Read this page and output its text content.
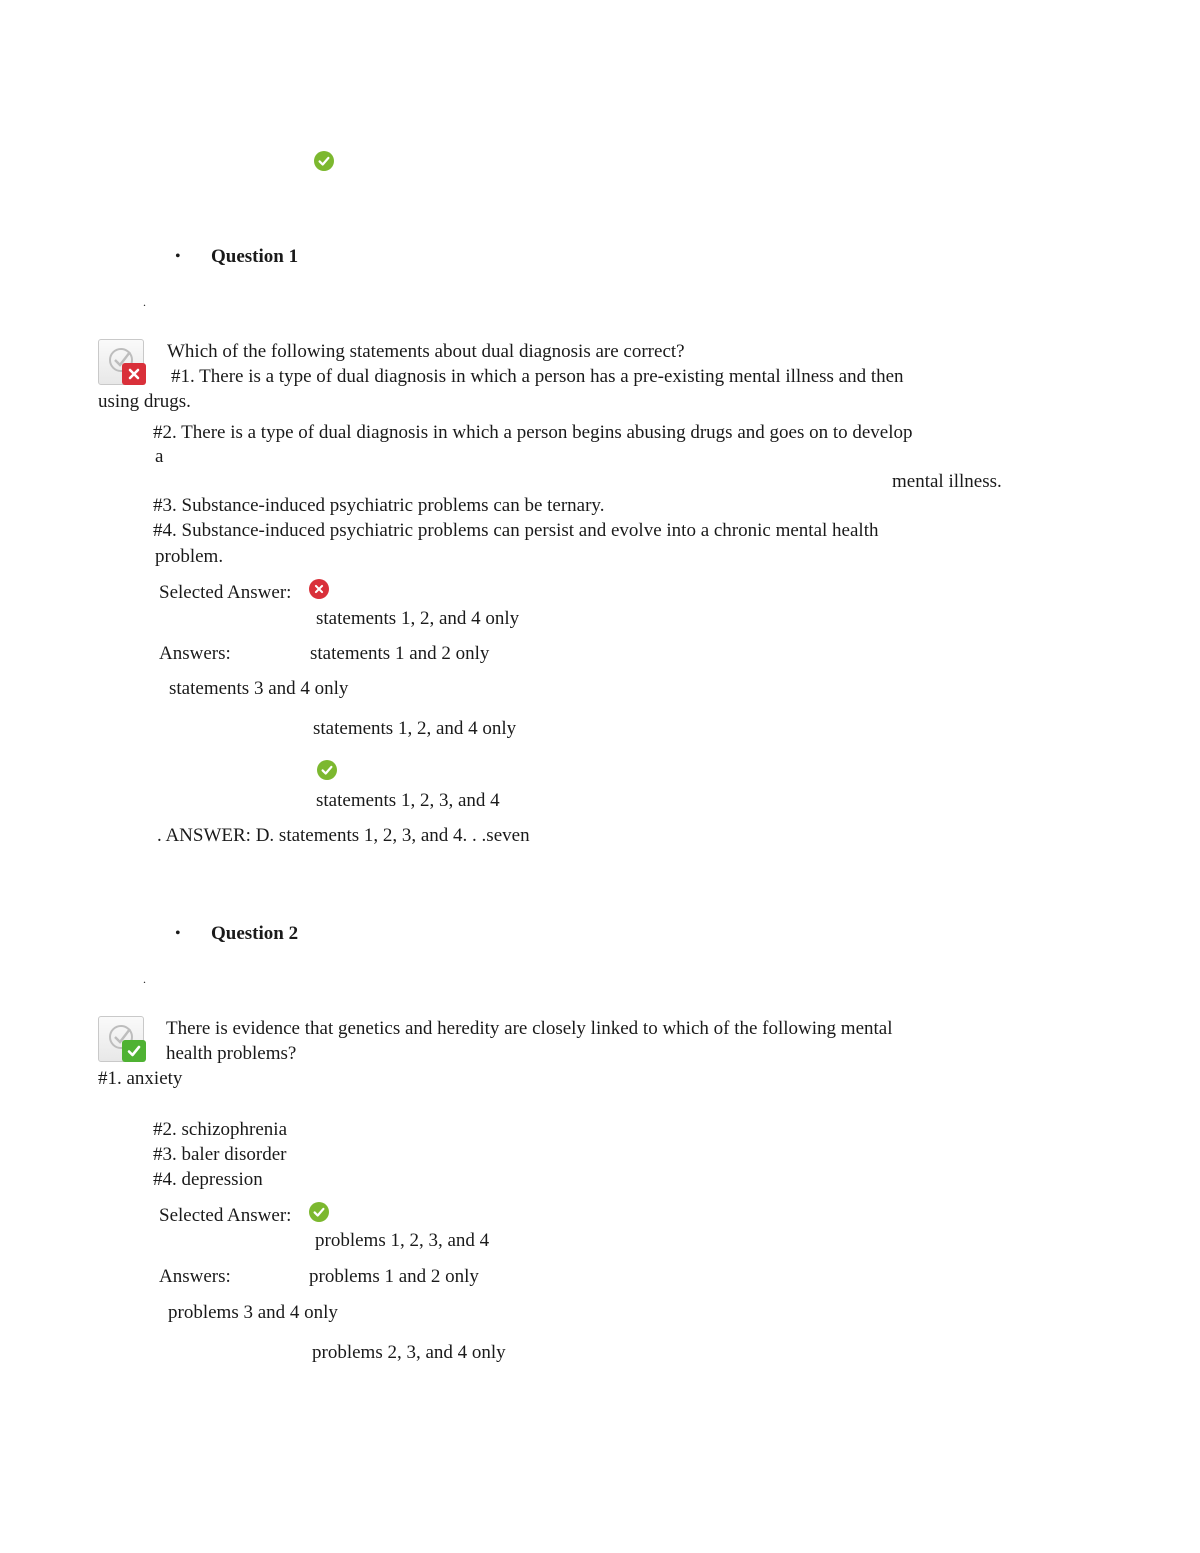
• Question 1
.
Which of the following statements about dual diagnosis are correct?
#1. There is a type of dual diagnosis in which a person has a pre-existing mental illness and then
using drugs.
#2. There is a type of dual diagnosis in which a person begins abusing drugs and goes on to develop
a
mental illness.
#3. Substance-induced psychiatric problems can be ternary.
#4. Substance-induced psychiatric problems can persist and evolve into a chronic mental health
problem.
Selected Answer:
statements 1, 2, and 4 only
Answers:	statements 1 and 2 only
statements 3 and 4 only
statements 1, 2, and 4 only
statements 1, 2, 3, and 4
. ANSWER: D. statements 1, 2, 3, and 4. . .seven
• Question 2
.
There is evidence that genetics and heredity are closely linked to which of the following mental
health problems?
#1. anxiety
#2. schizophrenia
#3. baler disorder
#4. depression
Selected Answer:
problems 1, 2, 3, and 4
Answers:	problems 1 and 2 only
problems 3 and 4 only
problems 2, 3, and 4 only
